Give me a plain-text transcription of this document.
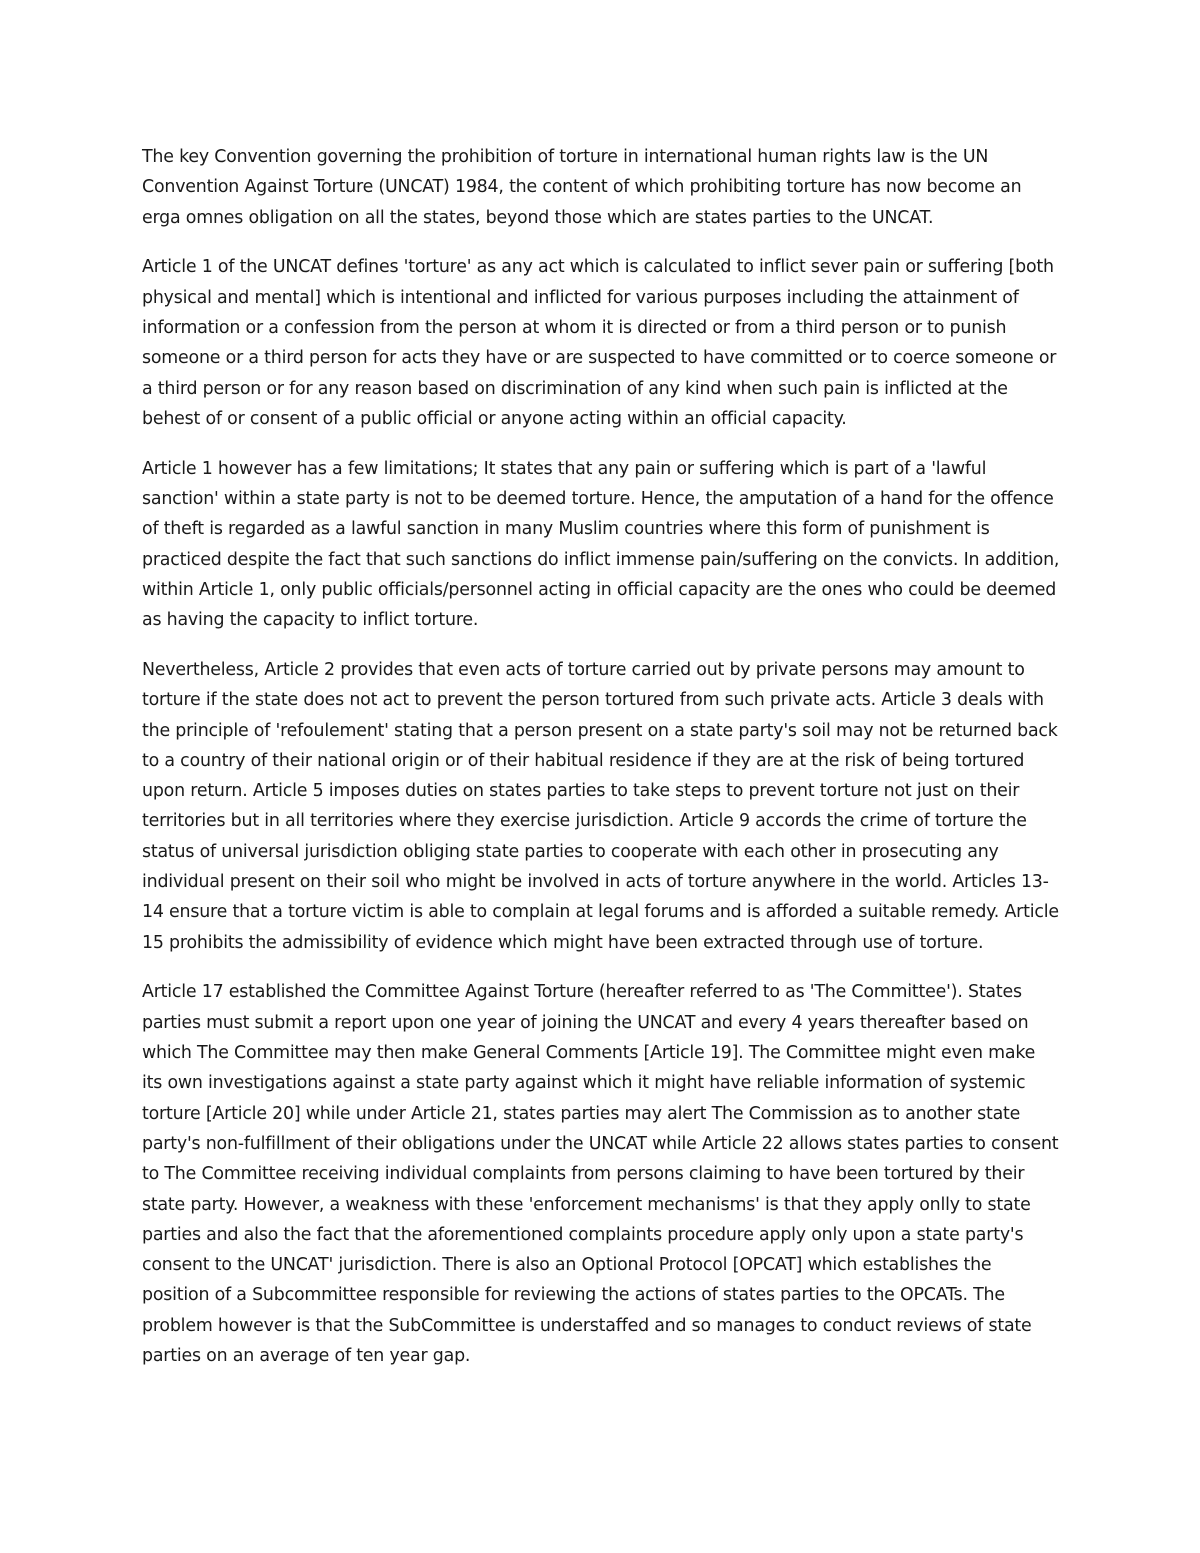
The key Convention governing the prohibition of torture in international human rights law is the UN Convention Against Torture (UNCAT) 1984, the content of which prohibiting torture has now become an erga omnes obligation on all the states, beyond those which are states parties to the UNCAT.

Article 1 of the UNCAT defines 'torture' as any act which is calculated to inflict sever pain or suffering [both physical and mental] which is intentional and inflicted for various purposes including the attainment of information or a confession from the person at whom it is directed or from a third person or to punish someone or a third person for acts they have or are suspected to have committed or to coerce someone or a third person or for any reason based on discrimination of any kind when such pain is inflicted at the behest of or consent of a public official or anyone acting within an official capacity.

Article 1 however has a few limitations; It states that any pain or suffering which is part of a 'lawful sanction' within a state party is not to be deemed torture. Hence, the amputation of a hand for the offence of theft is regarded as a lawful sanction in many Muslim countries where this form of punishment is practiced despite the fact that such sanctions do inflict immense pain/suffering on the convicts. In addition, within Article 1, only public officials/personnel acting in official capacity are the ones who could be deemed as having the capacity to inflict torture.

Nevertheless, Article 2 provides that even acts of torture carried out by private persons may amount to torture if the state does not act to prevent the person tortured from such private acts. Article 3 deals with the principle of 'refoulement' stating that a person present on a state party's soil may not be returned back to a country of their national origin or of their habitual residence if they are at the risk of being tortured upon return. Article 5 imposes duties on states parties to take steps to prevent torture not just on their territories but in all territories where they exercise jurisdiction. Article 9 accords the crime of torture the status of universal jurisdiction obliging state parties to cooperate with each other in prosecuting any individual present on their soil who might be involved in acts of torture anywhere in the world. Articles 13-14 ensure that a torture victim is able to complain at legal forums and is afforded a suitable remedy. Article 15 prohibits the admissibility of evidence which might have been extracted through use of torture.

Article 17 established the Committee Against Torture (hereafter referred to as 'The Committee'). States parties must submit a report upon one year of joining the UNCAT and every 4 years thereafter based on which The Committee may then make General Comments [Article 19]. The Committee might even make its own investigations against a state party against which it might have reliable information of systemic torture [Article 20] while under Article 21, states parties may alert The Commission as to another state party's non-fulfillment of their obligations under the UNCAT while Article 22 allows states parties to consent to The Committee receiving individual complaints from persons claiming to have been tortured by their state party. However, a weakness with these 'enforcement mechanisms' is that they apply onlly to state parties and also the fact that the aforementioned complaints procedure apply only upon a state party's consent to the UNCAT' jurisdiction. There is also an Optional Protocol [OPCAT] which establishes the position of a Subcommittee responsible for reviewing the actions of states parties to the OPCATs. The problem however is that the SubCommittee is understaffed and so manages to conduct reviews of state parties on an average of ten year gap.
